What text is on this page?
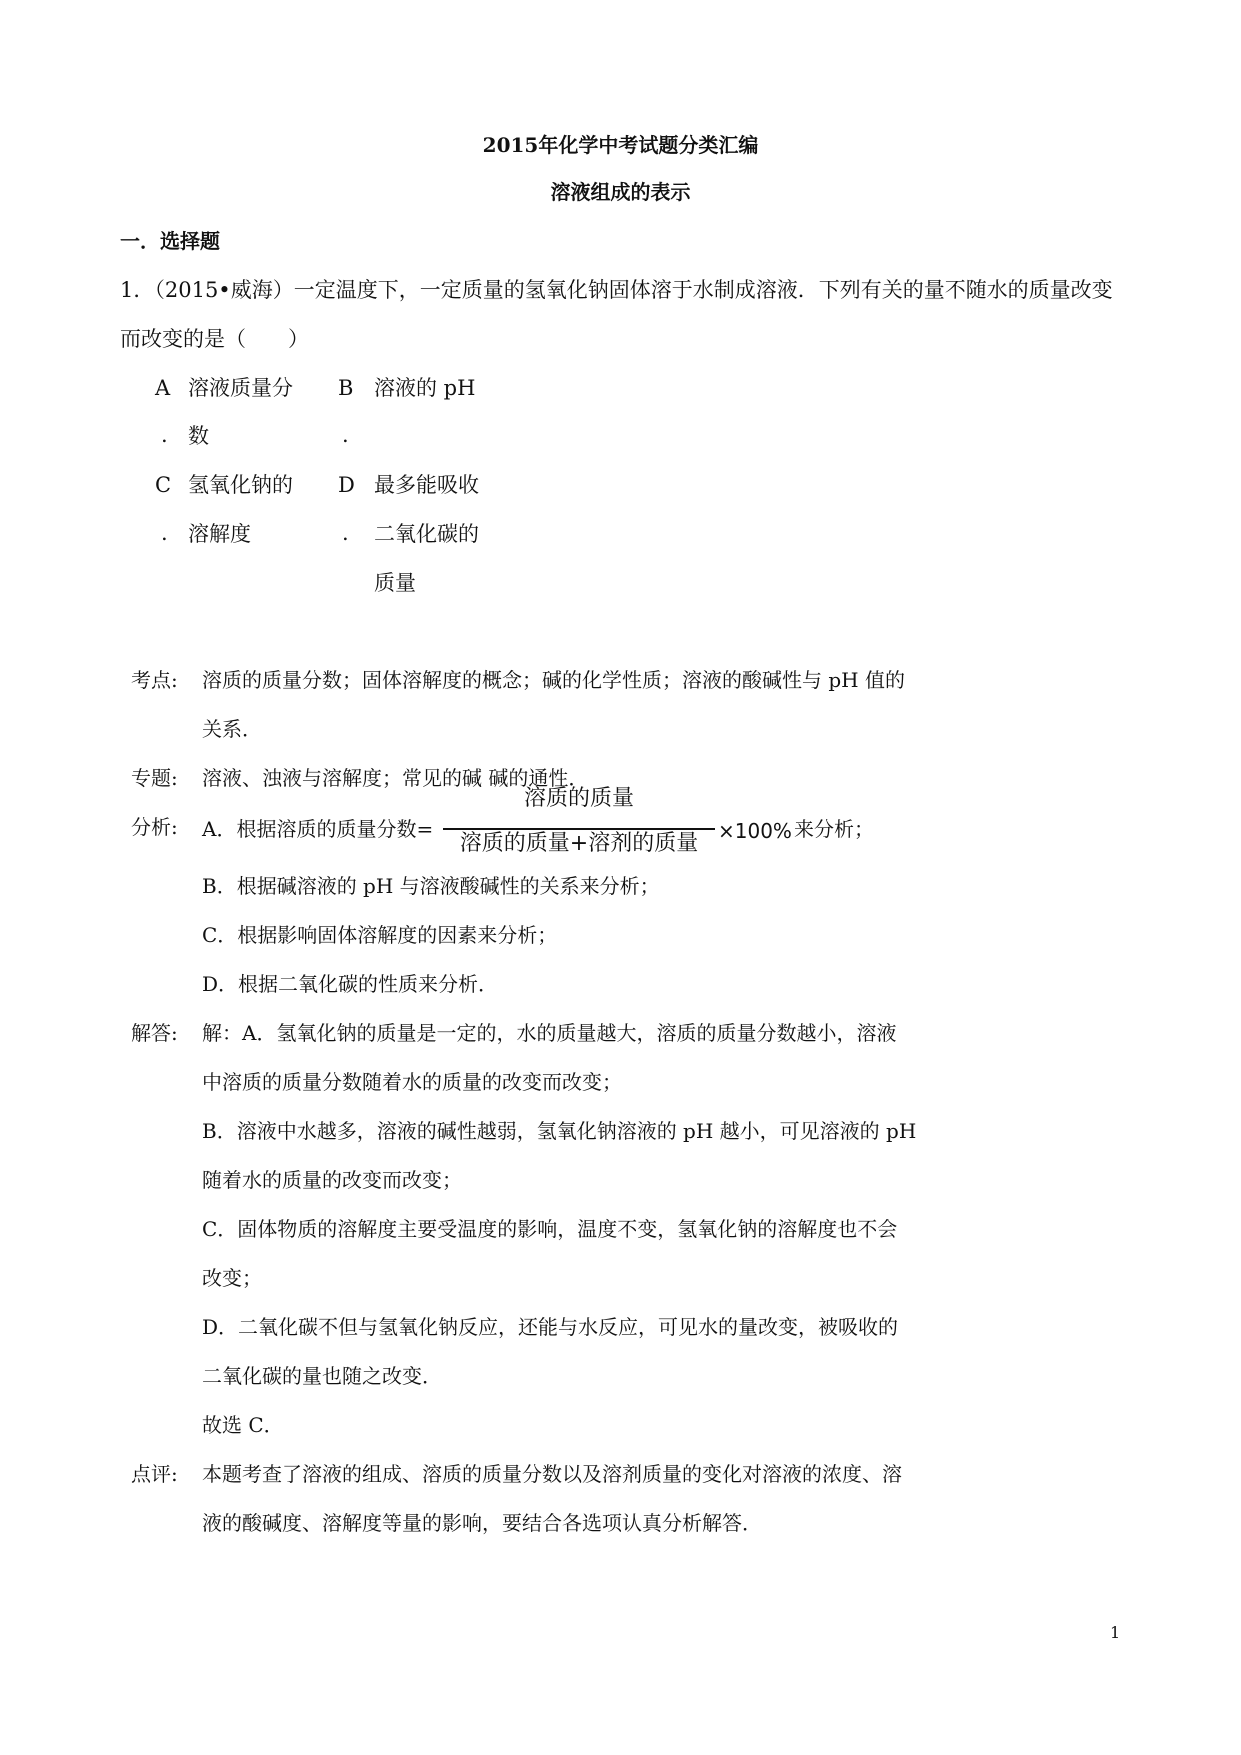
2015年化学中考试题分类汇编
溶液组成的表示
一．选择题
1．（2015•威海）一定温度下，一定质量的氢氧化钠固体溶于水制成溶液．下列有关的量不随水的质量改变
而改变的是（　　）
A
.
溶液质量分
数
B
.
溶液的 pH
C
.
氢氧化钠的
溶解度
D
.
最多能吸收
二氧化碳的
质量
考点: 溶质的质量分数；固体溶解度的概念；碱的化学性质；溶液的酸碱性与 pH 值的
关系．
专题: 溶液、浊液与溶解度；常见的碱 碱的通性．
分析: A．根据溶质的质量分数=
溶质的质量
溶质的质量+溶剂的质量 ×100% 来分析；
B．根据碱溶液的 pH 与溶液酸碱性的关系来分析；
C．根据影响固体溶解度的因素来分析；
D．根据二氧化碳的性质来分析．
解答: 解：A．氢氧化钠的质量是一定的，水的质量越大，溶质的质量分数越小，溶液
中溶质的质量分数随着水的质量的改变而改变；
B．溶液中水越多，溶液的碱性越弱，氢氧化钠溶液的 pH 越小，可见溶液的 pH
随着水的质量的改变而改变；
C．固体物质的溶解度主要受温度的影响，温度不变，氢氧化钠的溶解度也不会
改变；
D．二氧化碳不但与氢氧化钠反应，还能与水反应，可见水的量改变，被吸收的
二氧化碳的量也随之改变．
故选 C．
点评: 本题考查了溶液的组成、溶质的质量分数以及溶剂质量的变化对溶液的浓度、溶
液的酸碱度、溶解度等量的影响，要结合各选项认真分析解答．
1
